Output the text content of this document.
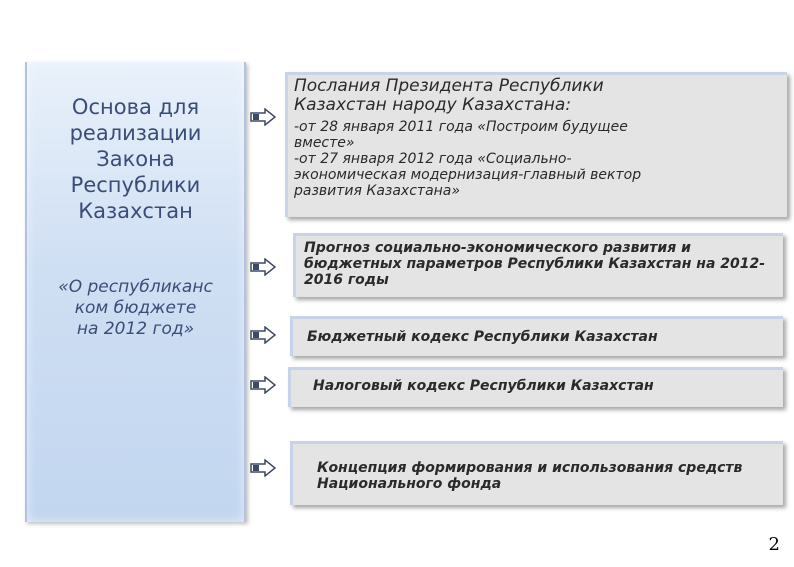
Основа для
реализации
Закона
Республики
Казахстан
«О республиканс
ком бюджете
на 2012 год»
Послания Президента Республики
Казахстан народу Казахстана:
-от 28 января 2011 года «Построим будущее
вместе»
-от 27 января 2012 года «Социально-
экономическая модернизация-главный вектор
развития Казахстана»
Прогноз социально-экономического развития и бюджетных параметров Республики Казахстан на 2012-2016 годы
Бюджетный кодекс Республики Казахстан
Налоговый кодекс Республики Казахстан
Концепция формирования и использования средств Национального фонда
2
